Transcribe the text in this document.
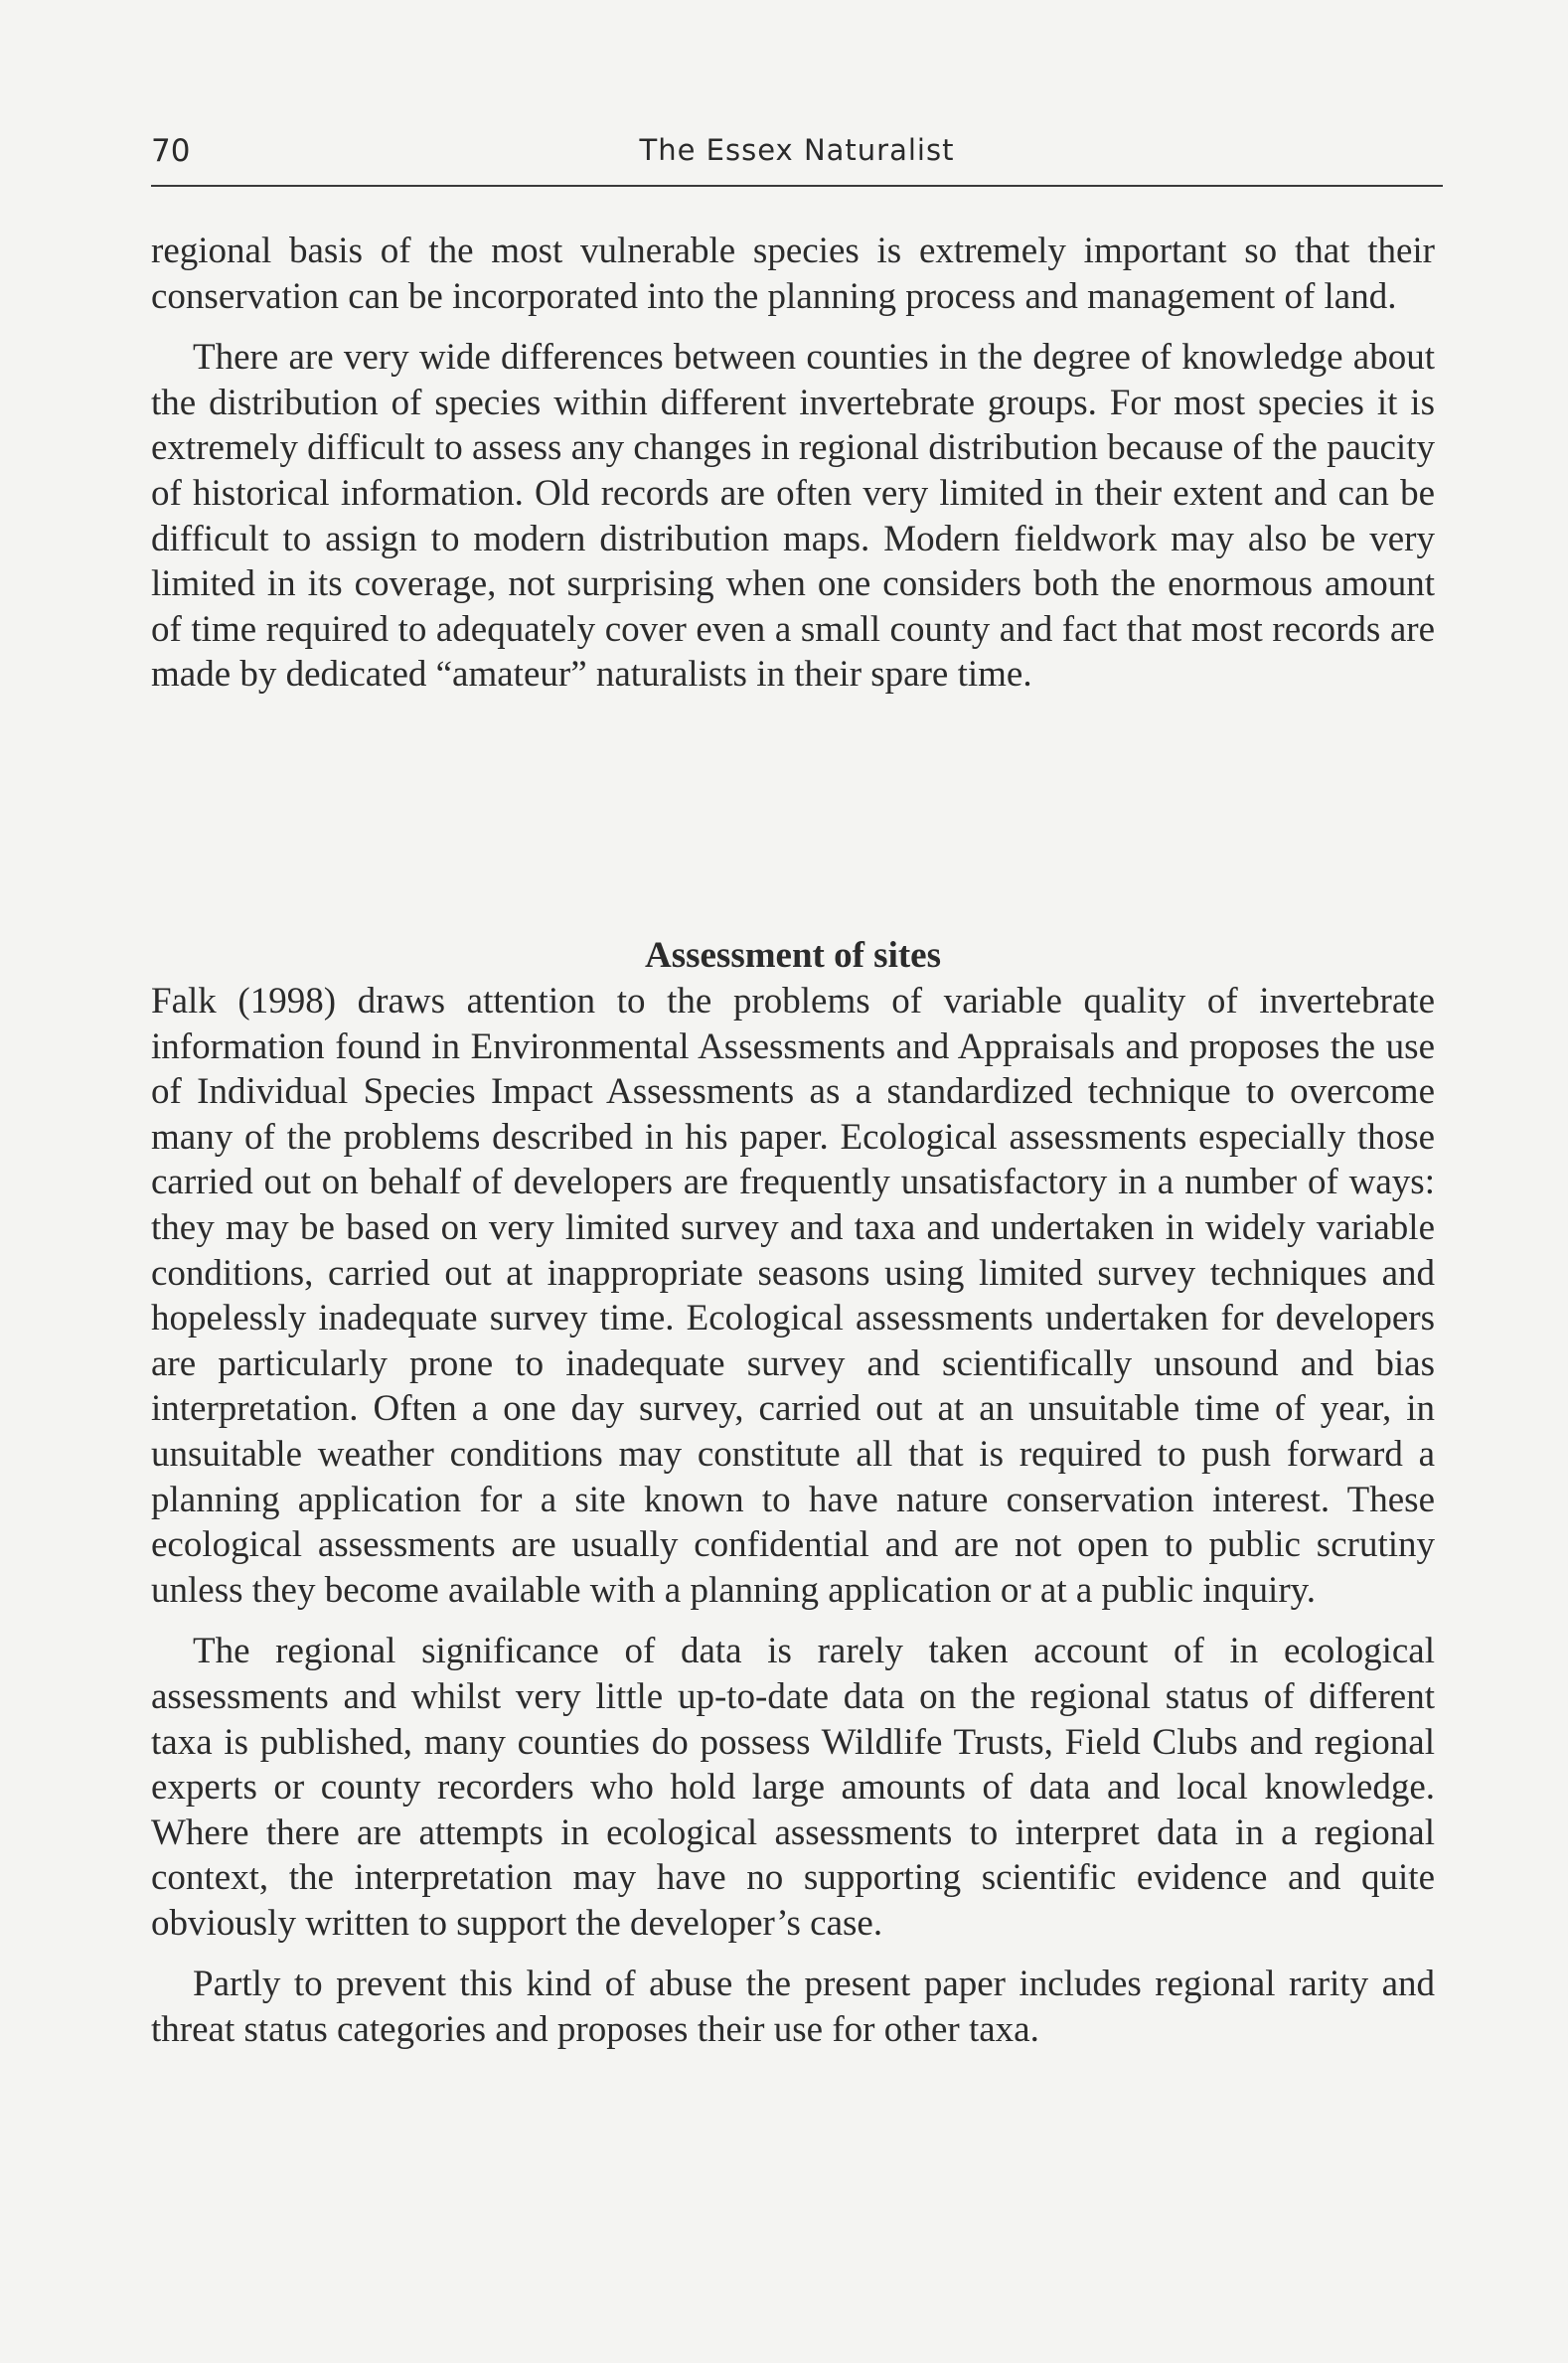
70	The Essex Naturalist

regional basis of the most vulnerable species is extremely important so that their conservation can be incorporated into the planning process and management of land.

There are very wide differences between counties in the degree of knowledge about the distribution of species within different invertebrate groups. For most species it is extremely difficult to assess any changes in regional distribution because of the paucity of historical information. Old records are often very limited in their extent and can be difficult to assign to modern distribution maps. Modern fieldwork may also be very limited in its coverage, not surprising when one considers both the enormous amount of time required to adequately cover even a small county and fact that most records are made by dedicated “amateur” naturalists in their spare time.

Assessment of sites

Falk (1998) draws attention to the problems of variable quality of invertebrate information found in Environmental Assessments and Appraisals and proposes the use of Individual Species Impact Assessments as a standardized technique to overcome many of the problems described in his paper. Ecological assessments especially those carried out on behalf of developers are frequently unsatisfactory in a number of ways: they may be based on very limited survey and taxa and undertaken in widely variable conditions, carried out at inappropriate seasons using limited survey techniques and hopelessly inadequate survey time. Ecological assessments undertaken for developers are particularly prone to inadequate survey and scientifically unsound and bias interpretation. Often a one day survey, carried out at an unsuitable time of year, in unsuitable weather conditions may constitute all that is required to push forward a planning application for a site known to have nature conservation interest. These ecological assessments are usually confidential and are not open to public scrutiny unless they become available with a planning application or at a public inquiry.

The regional significance of data is rarely taken account of in ecological assessments and whilst very little up-to-date data on the regional status of different taxa is published, many counties do possess Wildlife Trusts, Field Clubs and regional experts or county recorders who hold large amounts of data and local knowledge. Where there are attempts in ecological assessments to interpret data in a regional context, the interpretation may have no supporting scientific evidence and quite obviously written to support the developer’s case.

Partly to prevent this kind of abuse the present paper includes regional rarity and threat status categories and proposes their use for other taxa.
